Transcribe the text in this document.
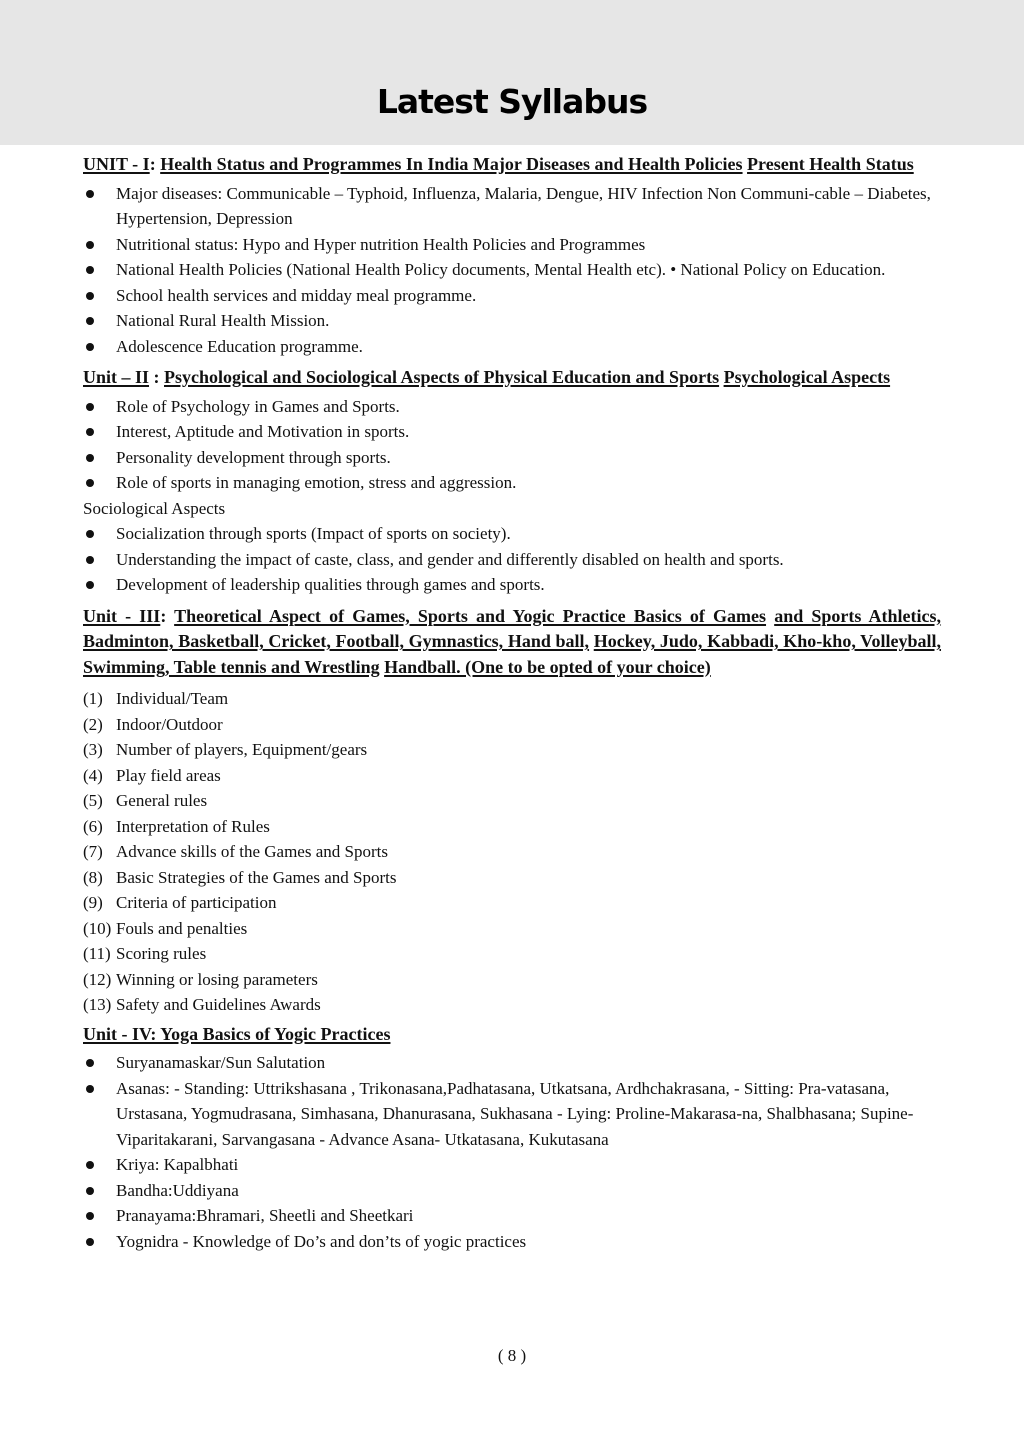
Latest Syllabus
UNIT - I: Health Status and Programmes In India Major Diseases and Health Policies Present Health Status
Major diseases: Communicable – Typhoid, Influenza, Malaria, Dengue, HIV Infection Non Communi-cable – Diabetes, Hypertension, Depression
Nutritional status: Hypo and Hyper nutrition Health Policies and Programmes
National Health Policies (National Health Policy documents, Mental Health etc). • National Policy on Education.
School health services and midday meal programme.
National Rural Health Mission.
Adolescence Education programme.
Unit – II : Psychological and Sociological Aspects of Physical Education and Sports Psychological Aspects
Role of Psychology in Games and Sports.
Interest, Aptitude and Motivation in sports.
Personality development through sports.
Role of sports in managing emotion, stress and aggression.
Sociological Aspects
Socialization through sports (Impact of sports on society).
Understanding the impact of caste, class, and gender and differently disabled on health and sports.
Development of leadership qualities through games and sports.
Unit - III: Theoretical Aspect of Games, Sports and Yogic Practice Basics of Games and Sports Athletics, Badminton, Basketball, Cricket, Football, Gymnastics, Hand ball, Hockey, Judo, Kabbadi, Kho-kho, Volleyball, Swimming, Table tennis and Wrestling Handball. (One to be opted of your choice)
(1) Individual/Team
(2) Indoor/Outdoor
(3) Number of players, Equipment/gears
(4) Play field areas
(5) General rules
(6) Interpretation of Rules
(7) Advance skills of the Games and Sports
(8) Basic Strategies of the Games and Sports
(9) Criteria of participation
(10) Fouls and penalties
(11) Scoring rules
(12) Winning or losing parameters
(13) Safety and Guidelines Awards
Unit - IV: Yoga Basics of Yogic Practices
Suryanamaskar/Sun Salutation
Asanas: - Standing: Uttrikshasana , Trikonasana,Padhatasana, Utkatsana, Ardhchakrasana, - Sitting: Pra-vatasana, Urstasana, Yogmudrasana, Simhasana, Dhanurasana, Sukhasana - Lying: Proline-Makarasa-na, Shalbhasana; Supine-Viparitakarani, Sarvangasana - Advance Asana- Utkatasana, Kukutasana
Kriya: Kapalbhati
Bandha:Uddiyana
Pranayama:Bhramari, Sheetli and Sheetkari
Yognidra - Knowledge of Do’s and don’ts of yogic practices
( 8 )
